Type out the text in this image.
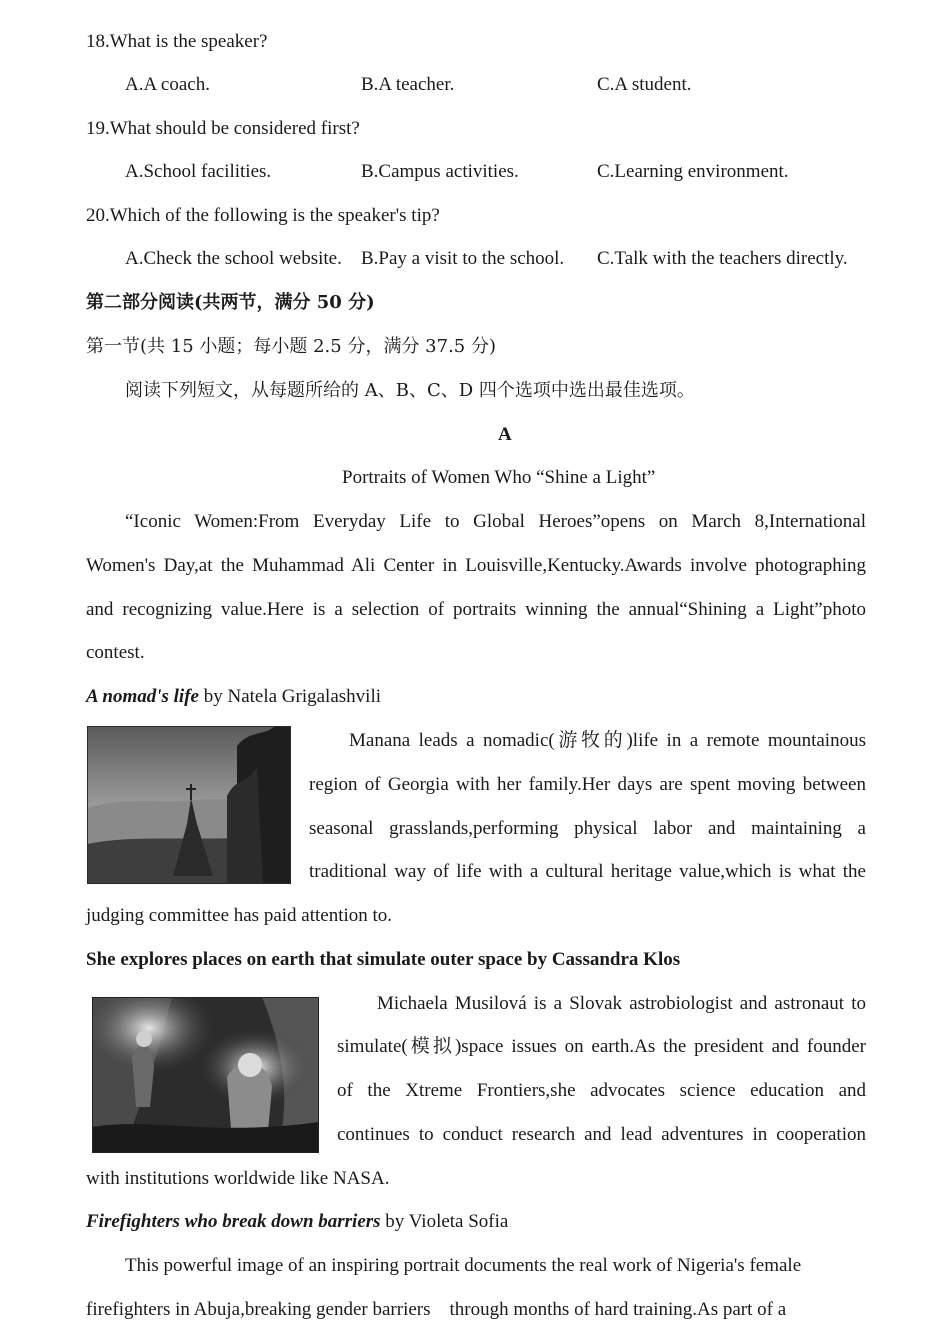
18.What is the speaker?
A.A coach.	B.A teacher.	C.A student.
19.What should be considered first?
A.School facilities.	B.Campus activities.	C.Learning environment.
20.Which of the following is the speaker's tip?
A.Check the school website. B.Pay a visit to the school. C.Talk with the teachers directly.
第二部分阅读(共两节，满分 50 分)
第一节(共 15 小题；每小题 2.5 分，满分 37.5 分)
阅读下列短文，从每题所给的 A、B、C、D 四个选项中选出最佳选项。
A
Portraits of Women Who “Shine a Light”
“Iconic Women:From Everyday Life to Global Heroes”opens on March 8,International
Women's Day,at the Muhammad Ali Center in Louisville,Kentucky.Awards involve photographing
and recognizing value.Here is a selection of portraits winning the annual“Shining a Light”photo
contest.
A nomad's life by Natela Grigalashvili
Manana leads a nomadic(游牧的)life in a remote mountainous
region of Georgia with her family.Her days are spent moving between
seasonal grasslands,performing physical labor and maintaining a
traditional way of life with a cultural heritage value,which is what the
judging committee has paid attention to.
She explores places on earth that simulate outer space by Cassandra Klos
Michaela Musilová is a Slovak astrobiologist and astronaut to
simulate(模拟)space issues on earth.As the president and founder
of the Xtreme Frontiers,she advocates science education and
continues to conduct research and lead adventures in cooperation
with institutions worldwide like NASA.
Firefighters who break down barriers by Violeta Sofia
This powerful image of an inspiring portrait documents the real work of Nigeria's female
firefighters in Abuja,breaking gender barriers through months of hard training.As part of a
